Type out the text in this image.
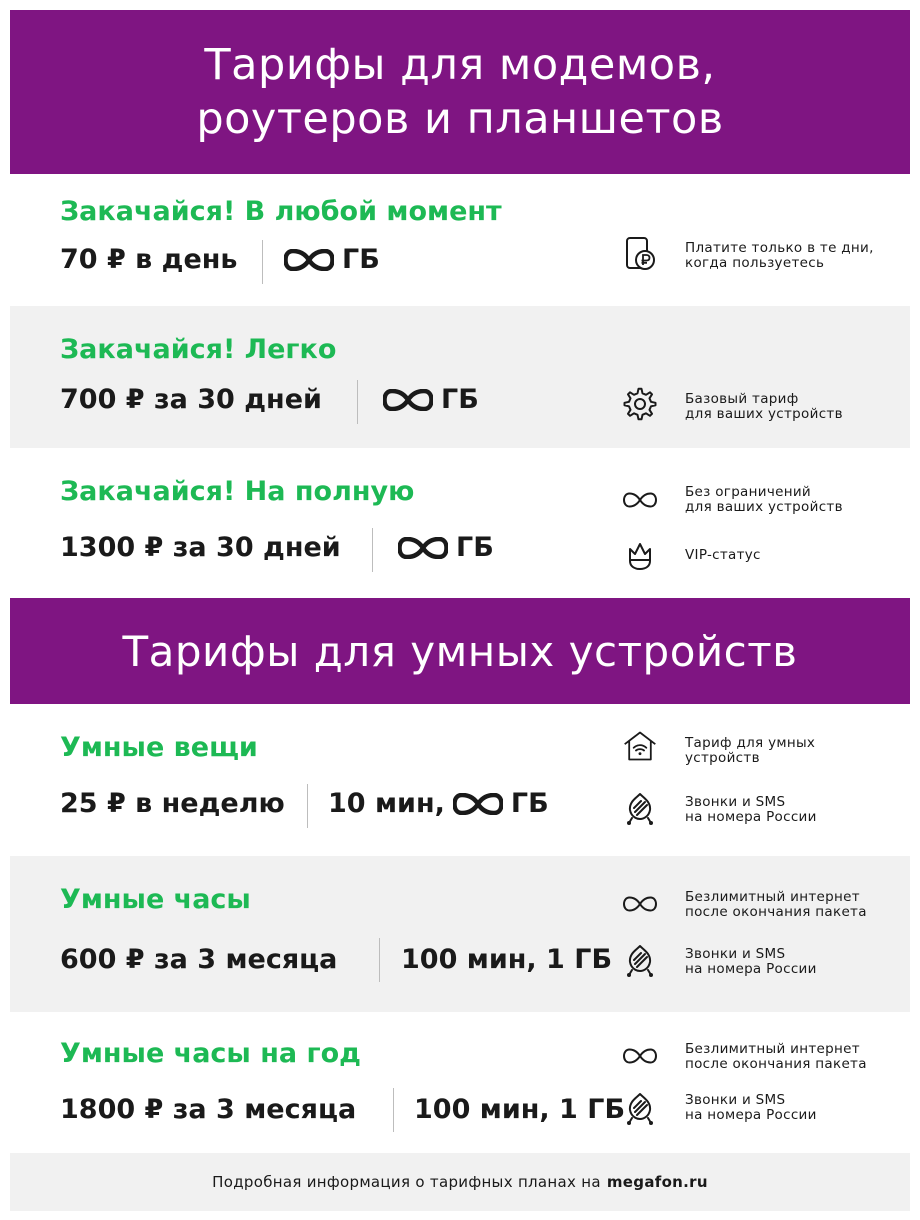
Тарифы для модемов,
роутеров и планшетов
Закачайся! В любой момент
70 ₽ в день	ГБ	Платите только в те дни,
когда пользуетесь
Закачайся! Легко
700 ₽ за 30 дней	ГБ	Базовый тариф
для ваших устройств
Закачайся! На полную
1300 ₽ за 30 дней	ГБ
Без ограничений
для ваших устройств
VIP-статус
Тарифы для умных устройств
Умные вещи
25 ₽ в неделю 10 мин, ГБ
Тариф для умных
устройств
Звонки и SMS
на номера России
Умные часы
600 ₽ за 3 месяца 100 мин, 1 ГБ
Безлимитный интернет
после окончания пакета
Звонки и SMS
на номера России
Умные часы на год
1800 ₽ за 3 месяца 100 мин, 1 ГБ
Безлимитный интернет
после окончания пакета
Звонки и SMS
на номера России
Подробная информация о тарифных планах на megafon.ru
